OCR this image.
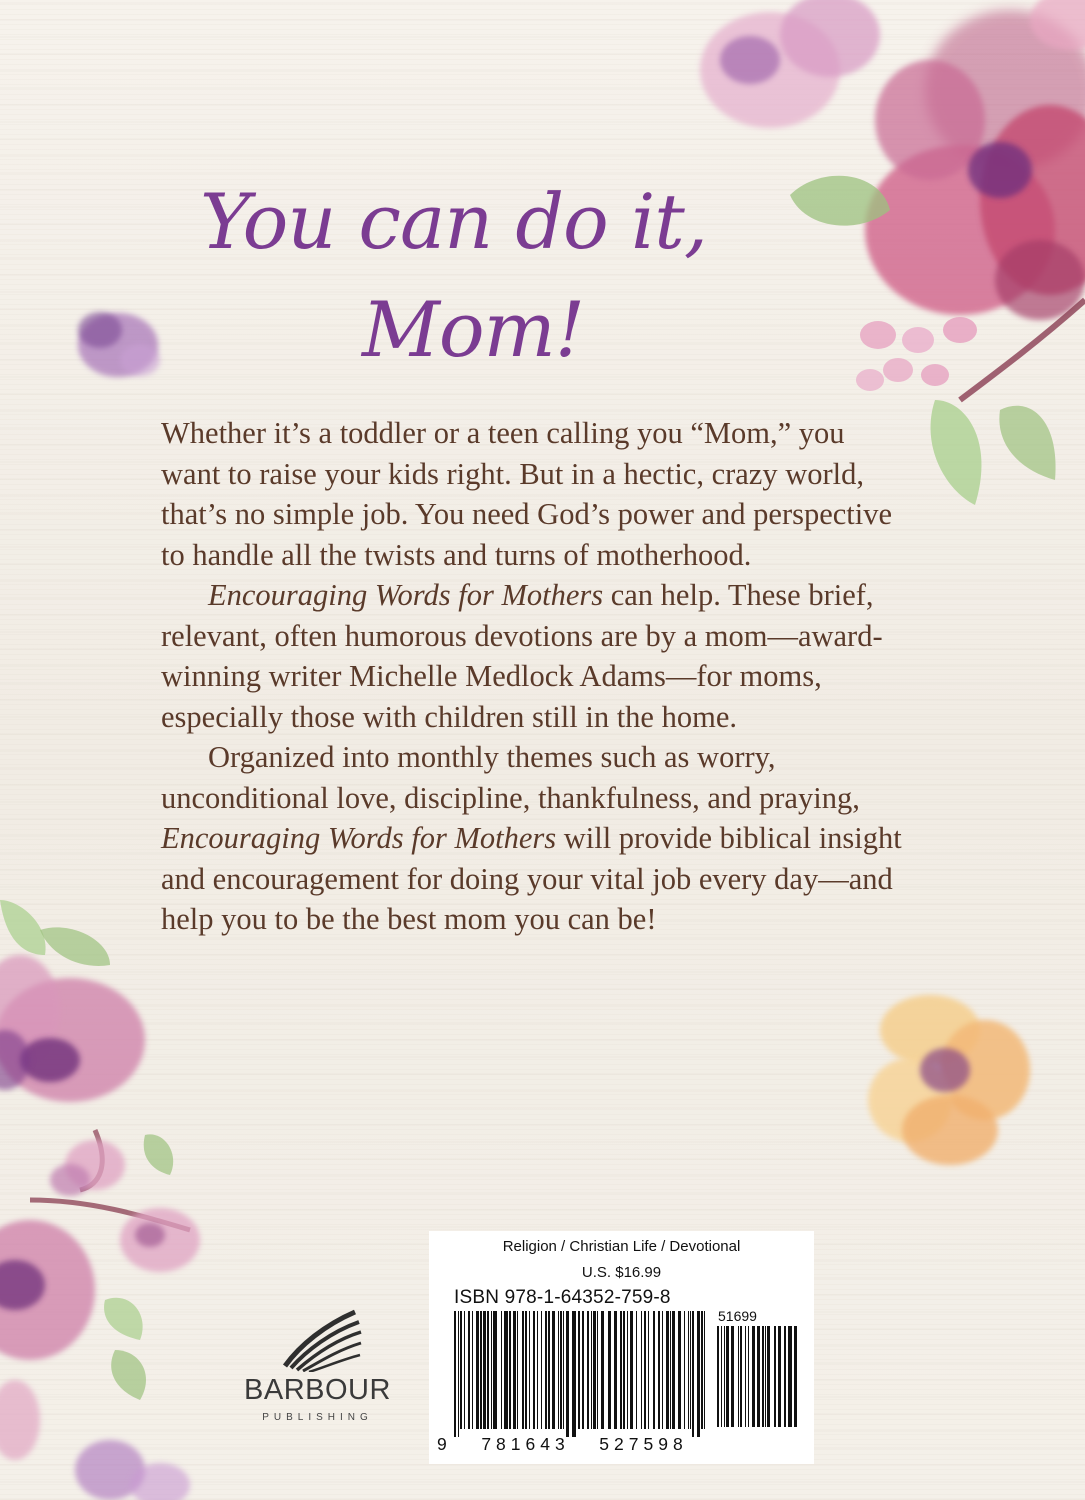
You can do it,
Mom!

Whether it’s a toddler or a teen calling you “Mom,” you want to raise your kids right. But in a hectic, crazy world, that’s no simple job. You need God’s power and perspective to handle all the twists and turns of motherhood.

Encouraging Words for Mothers can help. These brief, relevant, often humorous devotions are by a mom—award-winning writer Michelle Medlock Adams—for moms, especially those with children still in the home.

Organized into monthly themes such as worry, unconditional love, discipline, thankfulness, and praying, Encouraging Words for Mothers will provide biblical insight and encouragement for doing your vital job every day—and help you to be the best mom you can be!

BARBOUR
PUBLISHING
Religion / Christian Life / Devotional
U.S. $16.99
ISBN 978-1-64352-759-8
51699
9   781643   527598
